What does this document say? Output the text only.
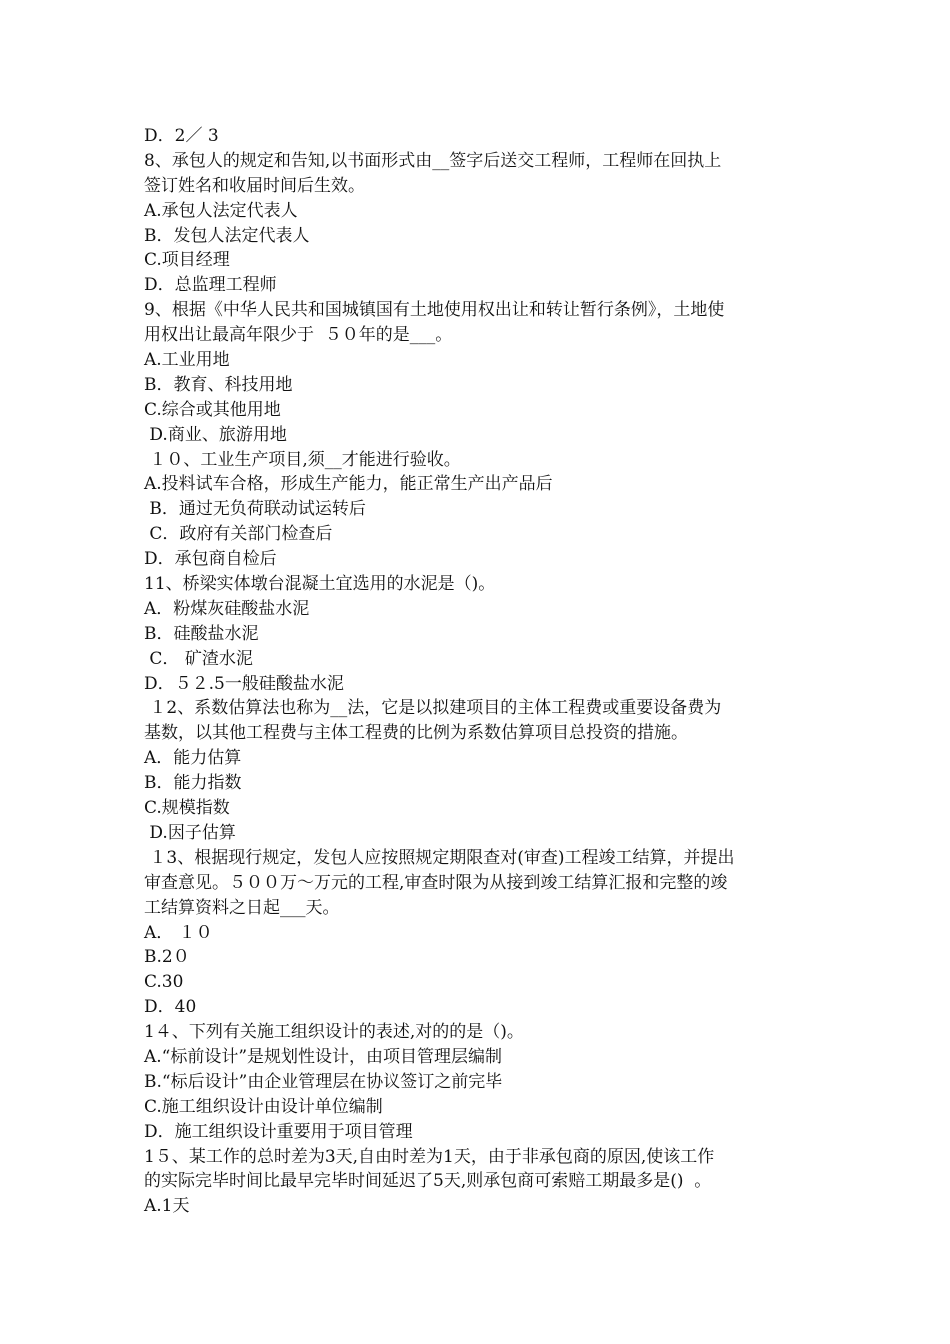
D．2／ 3
8、承包人的规定和告知,以书面形式由__签字后送交工程师，工程师在回执上
签订姓名和收届时间后生效。
A.承包人法定代表人
B．发包人法定代表人
C.项目经理
D．总监理工程师
9、根据《中华人民共和国城镇国有土地使用权出让和转让暂行条例》，土地使
用权出让最高年限少于  ５０年的是___。
A.工业用地
B．教育、科技用地
C.综合或其他用地
D.商业、旅游用地
１０、工业生产项目,须__才能进行验收。
A.投料试车合格，形成生产能力，能正常生产出产品后
B．通过无负荷联动试运转后
C．政府有关部门检查后
D．承包商自检后
11、桥梁实体墩台混凝土宜选用的水泥是（)。
A．粉煤灰硅酸盐水泥
B．硅酸盐水泥
C． 矿渣水泥
D．５２.5一般硅酸盐水泥
１2、系数估算法也称为__法，它是以拟建项目的主体工程费或重要设备费为
基数，以其他工程费与主体工程费的比例为系数估算项目总投资的措施。
A．能力估算
B．能力指数
C.规模指数
D.因子估算
１3、根据现行规定，发包人应按照规定期限查对(审查)工程竣工结算，并提出
审查意见。５００万～万元的工程,审查时限为从接到竣工结算汇报和完整的竣
工结算资料之日起___天。
A． １０
B.2０
C.30
D．40
1４、下列有关施工组织设计的表述,对的的是（)。
A.“标前设计”是规划性设计，由项目管理层编制
B.“标后设计”由企业管理层在协议签订之前完毕
C.施工组织设计由设计单位编制
D．施工组织设计重要用于项目管理
1５、某工作的总时差为3天,自由时差为1天，由于非承包商的原因,使该工作
的实际完毕时间比最早完毕时间延迟了5天,则承包商可索赔工期最多是()  。
A.1天
